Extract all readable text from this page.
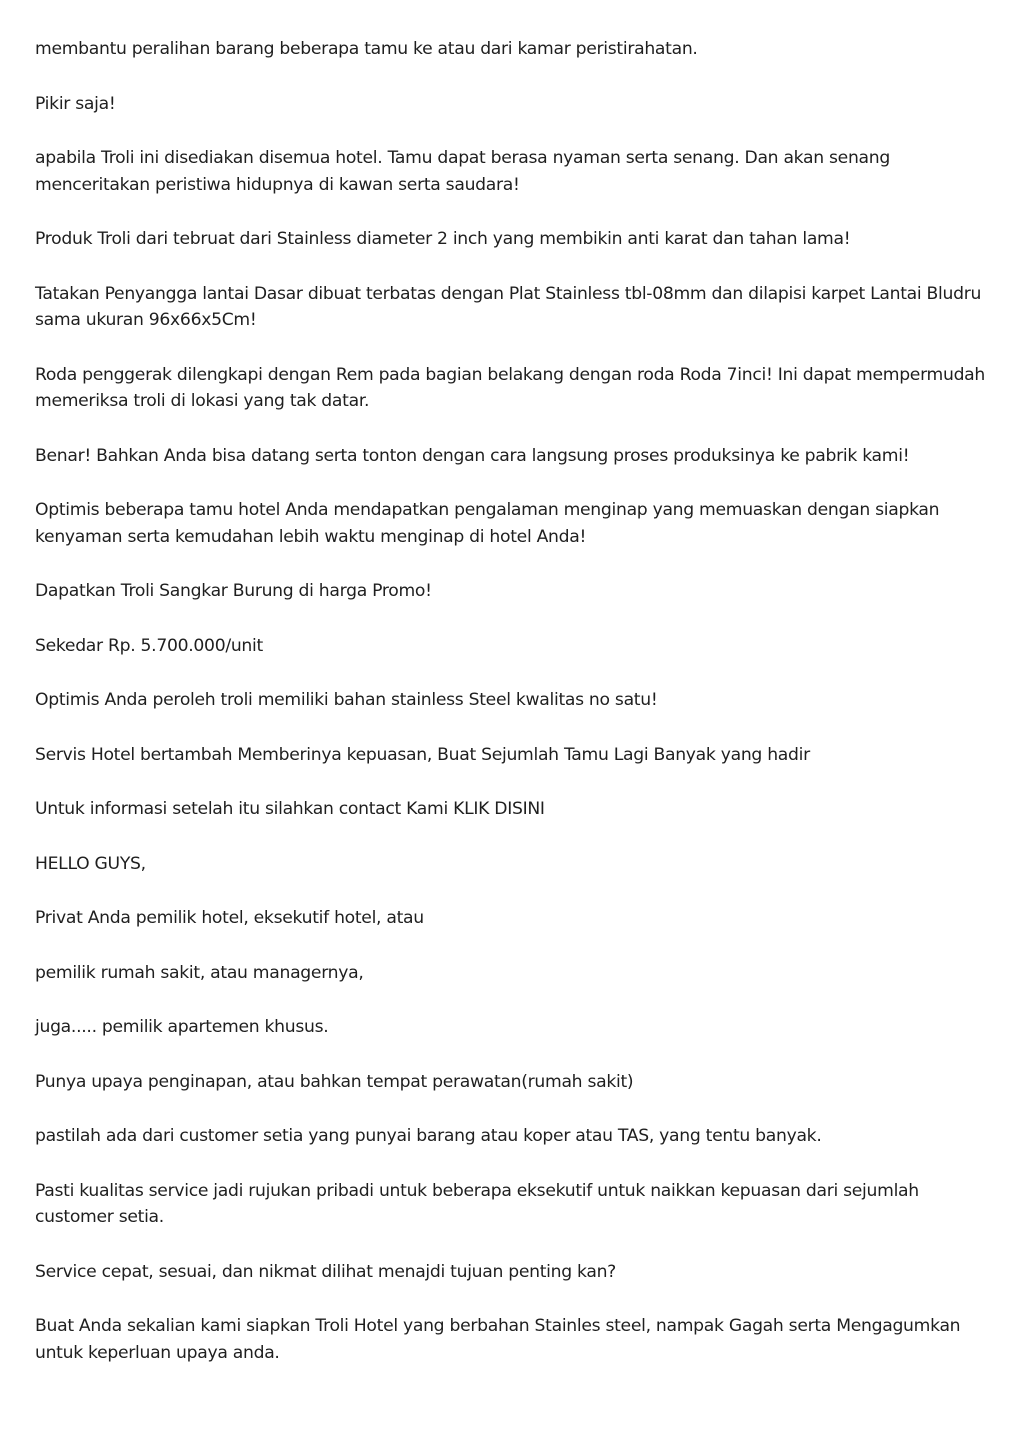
membantu peralihan barang beberapa tamu ke atau dari kamar peristirahatan.

Pikir saja!

apabila Troli ini disediakan disemua hotel. Tamu dapat berasa nyaman serta senang. Dan akan senang menceritakan peristiwa hidupnya di kawan serta saudara!

Produk Troli dari tebruat dari Stainless diameter 2 inch yang membikin anti karat dan tahan lama!

Tatakan Penyangga lantai Dasar dibuat terbatas dengan Plat Stainless tbl-08mm dan dilapisi karpet Lantai Bludru sama ukuran 96x66x5Cm!

Roda penggerak dilengkapi dengan Rem pada bagian belakang dengan roda Roda 7inci! Ini dapat mempermudah memeriksa troli di lokasi yang tak datar.

Benar! Bahkan Anda bisa datang serta tonton dengan cara langsung proses produksinya ke pabrik kami!

Optimis beberapa tamu hotel Anda mendapatkan pengalaman menginap yang memuaskan dengan siapkan kenyaman serta kemudahan lebih waktu menginap di hotel Anda!

Dapatkan Troli Sangkar Burung di harga Promo!

Sekedar Rp. 5.700.000/unit

Optimis Anda peroleh troli memiliki bahan stainless Steel kwalitas no satu!

Servis Hotel bertambah Memberinya kepuasan, Buat Sejumlah Tamu Lagi Banyak yang hadir

Untuk informasi setelah itu silahkan contact Kami KLIK DISINI

HELLO GUYS,

Privat Anda pemilik hotel, eksekutif hotel, atau

pemilik rumah sakit, atau managernya,

juga..... pemilik apartemen khusus.

Punya upaya penginapan, atau bahkan tempat perawatan(rumah sakit)

pastilah ada dari customer setia yang punyai barang atau koper atau TAS, yang tentu banyak.

Pasti kualitas service jadi rujukan pribadi untuk beberapa eksekutif untuk naikkan kepuasan dari sejumlah customer setia.

Service cepat, sesuai, dan nikmat dilihat menajdi tujuan penting kan?

Buat Anda sekalian kami siapkan Troli Hotel yang berbahan Stainles steel, nampak Gagah serta Mengagumkan untuk keperluan upaya anda.
